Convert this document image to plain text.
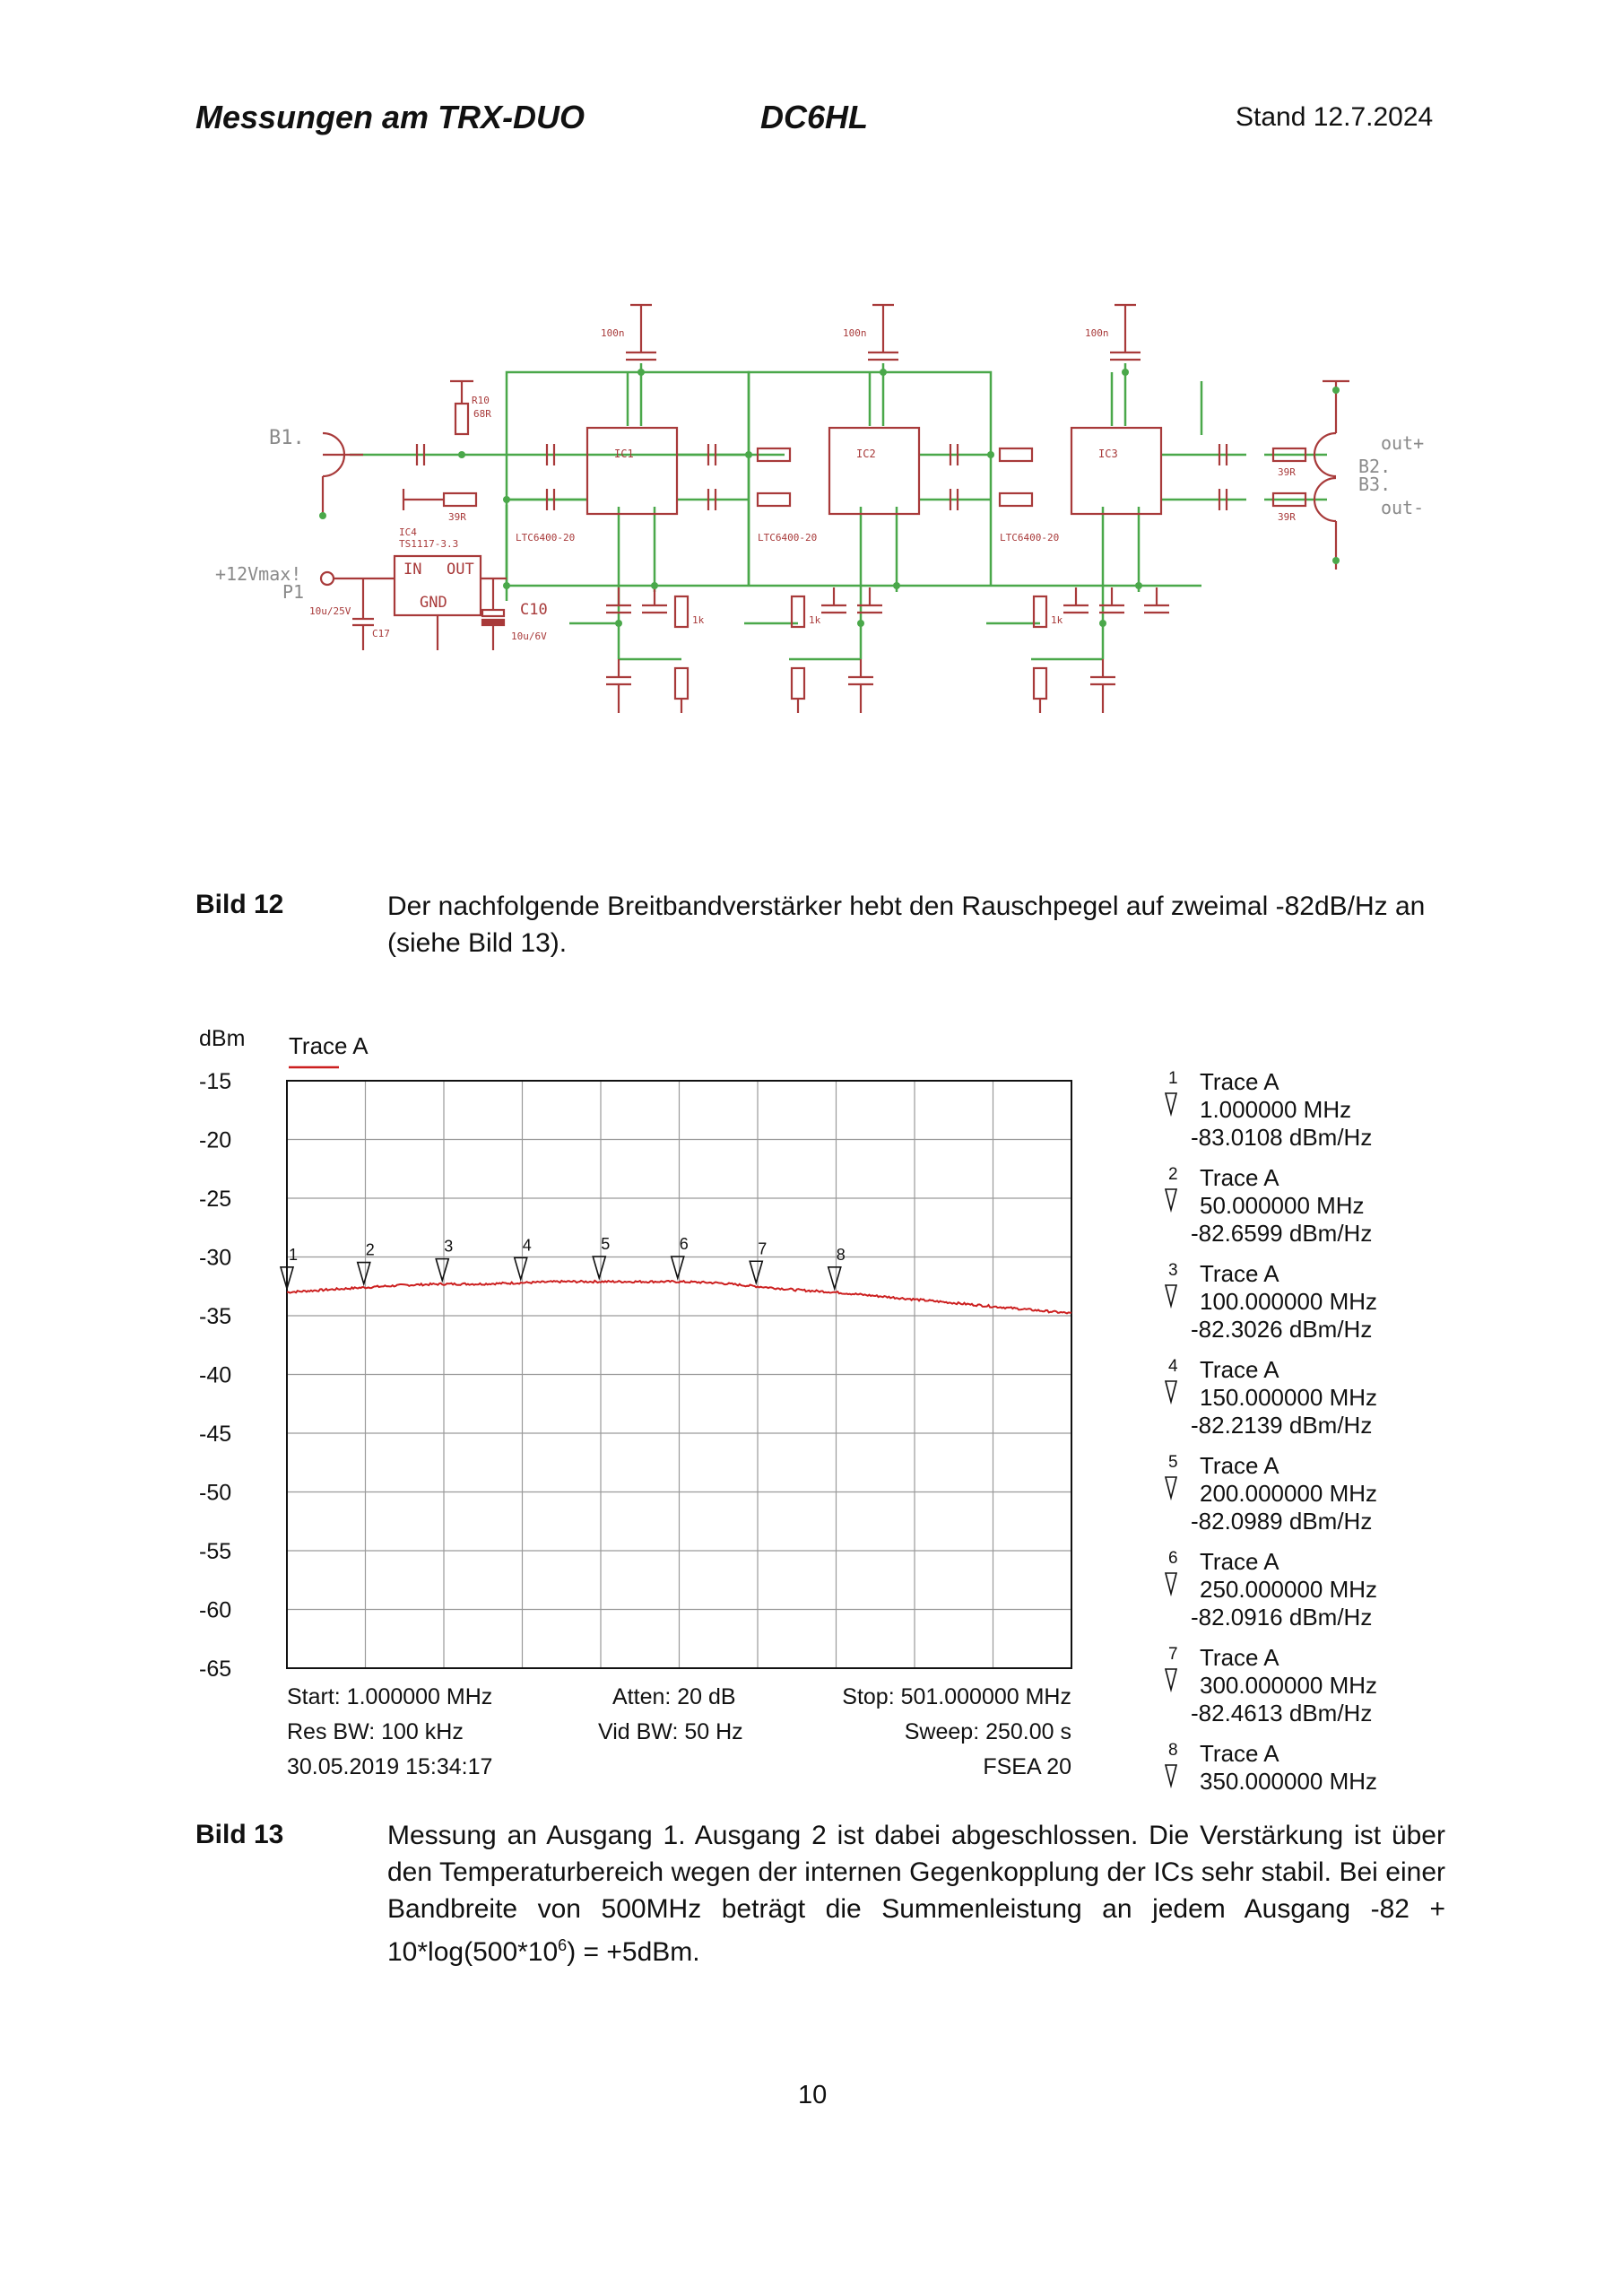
Messungen am TRX-DUO	DC6HL	Stand 12.7.2024
B1.
+12Vmax!
P1
out+
B2.
B3.
out-
IN OUT
GND	C10
C17
IC4
TS1117-3.3
10u/6V
10u/25V
IC1	IC2	IC3
LTC6400-20	LTC6400-20	LTC6400-20
39R
39R
39R
100n	100n	100n
1k	1k	1k
68R
R10
Bild 12	Der nachfolgende Breitbandverstärker hebt den Rauschpegel auf zweimal -82dB/Hz an (siehe Bild 13).
dBm Trace A
-15
-20
-25
-30
-35
-40
-45
-50
-55
-60
-65
1	2	3	4	5	6	7	8
1 Trace A
1.000000 MHz
-83.0108 dBm/Hz
2 Trace A
50.000000 MHz
-82.6599 dBm/Hz
3 Trace A
100.000000 MHz
-82.3026 dBm/Hz
4 Trace A
150.000000 MHz
-82.2139 dBm/Hz
5 Trace A
200.000000 MHz
-82.0989 dBm/Hz
6 Trace A
250.000000 MHz
-82.0916 dBm/Hz
7 Trace A
300.000000 MHz
-82.4613 dBm/Hz
8 Trace A
350.000000 MHz
Start: 1.000000 MHz	Atten: 20 dB	Stop: 501.000000 MHz
Res BW: 100 kHz	Vid BW: 50 Hz	Sweep: 250.00 s
30.05.2019 15:34:17	FSEA 20
Bild 13	Messung an Ausgang 1. Ausgang 2 ist dabei abgeschlossen. Die Verstärkung ist über den Temperaturbereich wegen der internen Gegenkopplung der ICs sehr stabil. Bei einer Bandbreite von 500MHz beträgt die Summenleistung an jedem Ausgang $-82 + 10*\log(500*10^6) = +5dBm$.
10
